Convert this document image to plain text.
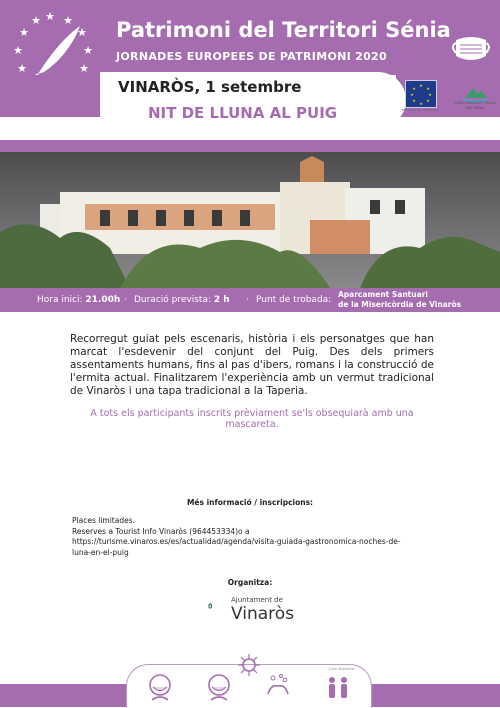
★ ★
★
★
★
★
★
★
★	Patrimoni del Territori Sénia
JORNADES EUROPEES DE PATRIMONI 2020
VINARÒS, 1 setembre
NIT DE LLUNA AL PUIG
★
★
★
★
★
★
★
★
European Heritage Days
MANCOMUNITAT TAULA DEL SÉNIA
Hora inici: 21.00h · Duració prevista: 2 h · Punt de trobada:
Aparcament Santuari
de la Misericòrdia de Vinaròs
Recorregut guiat pels escenaris, història i els personatges que han marcat l'esdevenir del conjunt del Puig. Des dels primers assentaments humans, fins al pas d'ibers, romans i la construcció de l'ermita actual. Finalitzarem l'experiència amb un vermut tradicional de Vinaròs i una tapa tradicional a la Taperia.
A tots els participants inscrits prèviament se'ls obsequiarà amb una mascareta.
Més informació / inscripcions:
Places limitades.
Reserves a Tourist Info Vinaròs (964453334)o a
https://turisme.vinaros.es/es/actualidad/agenda/visita-guiada-gastronomica-noches-de-
luna-en-el-puig
Organitza:
Ajuntament de
Vinaròs
1,5m distància
